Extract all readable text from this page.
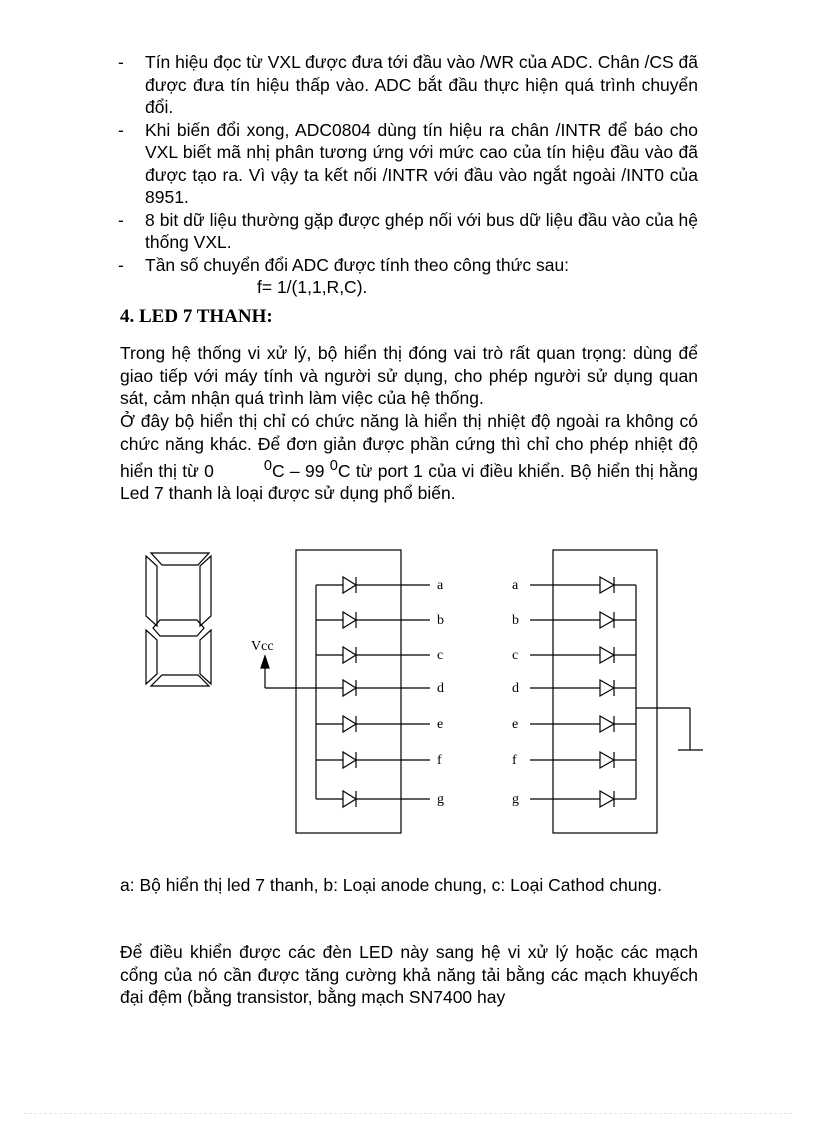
- Tín hiệu đọc từ VXL được đưa tới đầu vào /WR của ADC. Chân /CS đã được đưa tín hiệu thấp vào. ADC bắt đầu thực hiện quá trình chuyển đổi.
- Khi biến đổi xong, ADC0804 dùng tín hiệu ra chân /INTR để báo cho VXL biết mã nhị phân tương ứng với mức cao của tín hiệu đầu vào đã được tạo ra. Vì vậy ta kết nối /INTR với đầu vào ngắt ngoài /INT0 của 8951.
- 8 bit dữ liệu thường gặp được ghép nối với bus dữ liệu đầu vào của hệ thống VXL.
- Tần số chuyển đổi ADC được tính theo công thức sau:
f= 1/(1,1,R,C).
4. LED 7 THANH:
Trong hệ thống vi xử lý, bộ hiển thị đóng vai trò rất quan trọng: dùng để giao tiếp với máy tính và người sử dụng, cho phép người sử dụng quan sát, cảm nhận quá trình làm việc của hệ thống.
Ở đây bộ hiển thị chỉ có chức năng là hiển thị nhiệt độ ngoài ra không có chức năng khác. Để đơn giản được phần cứng thì chỉ cho phép nhiệt độ hiển thị từ 0	$^0$C – 99 $^0$C từ port 1 của vi điều khiển. Bộ hiển thị hằng Led 7 thanh là loại được sử dụng phổ biến.
Vcc
a
b
c
d
e
f
g
a
b
c
d
e
f
g
a: Bộ hiển thị led 7 thanh, b: Loại anode chung, c: Loại Cathod chung.
Để điều khiển được các đèn LED này sang hệ vi xử lý hoặc các mạch cổng của nó cần được tăng cường khả năng tải bằng các mạch khuyếch đại đệm (bằng transistor, bằng mạch SN7400 hay
